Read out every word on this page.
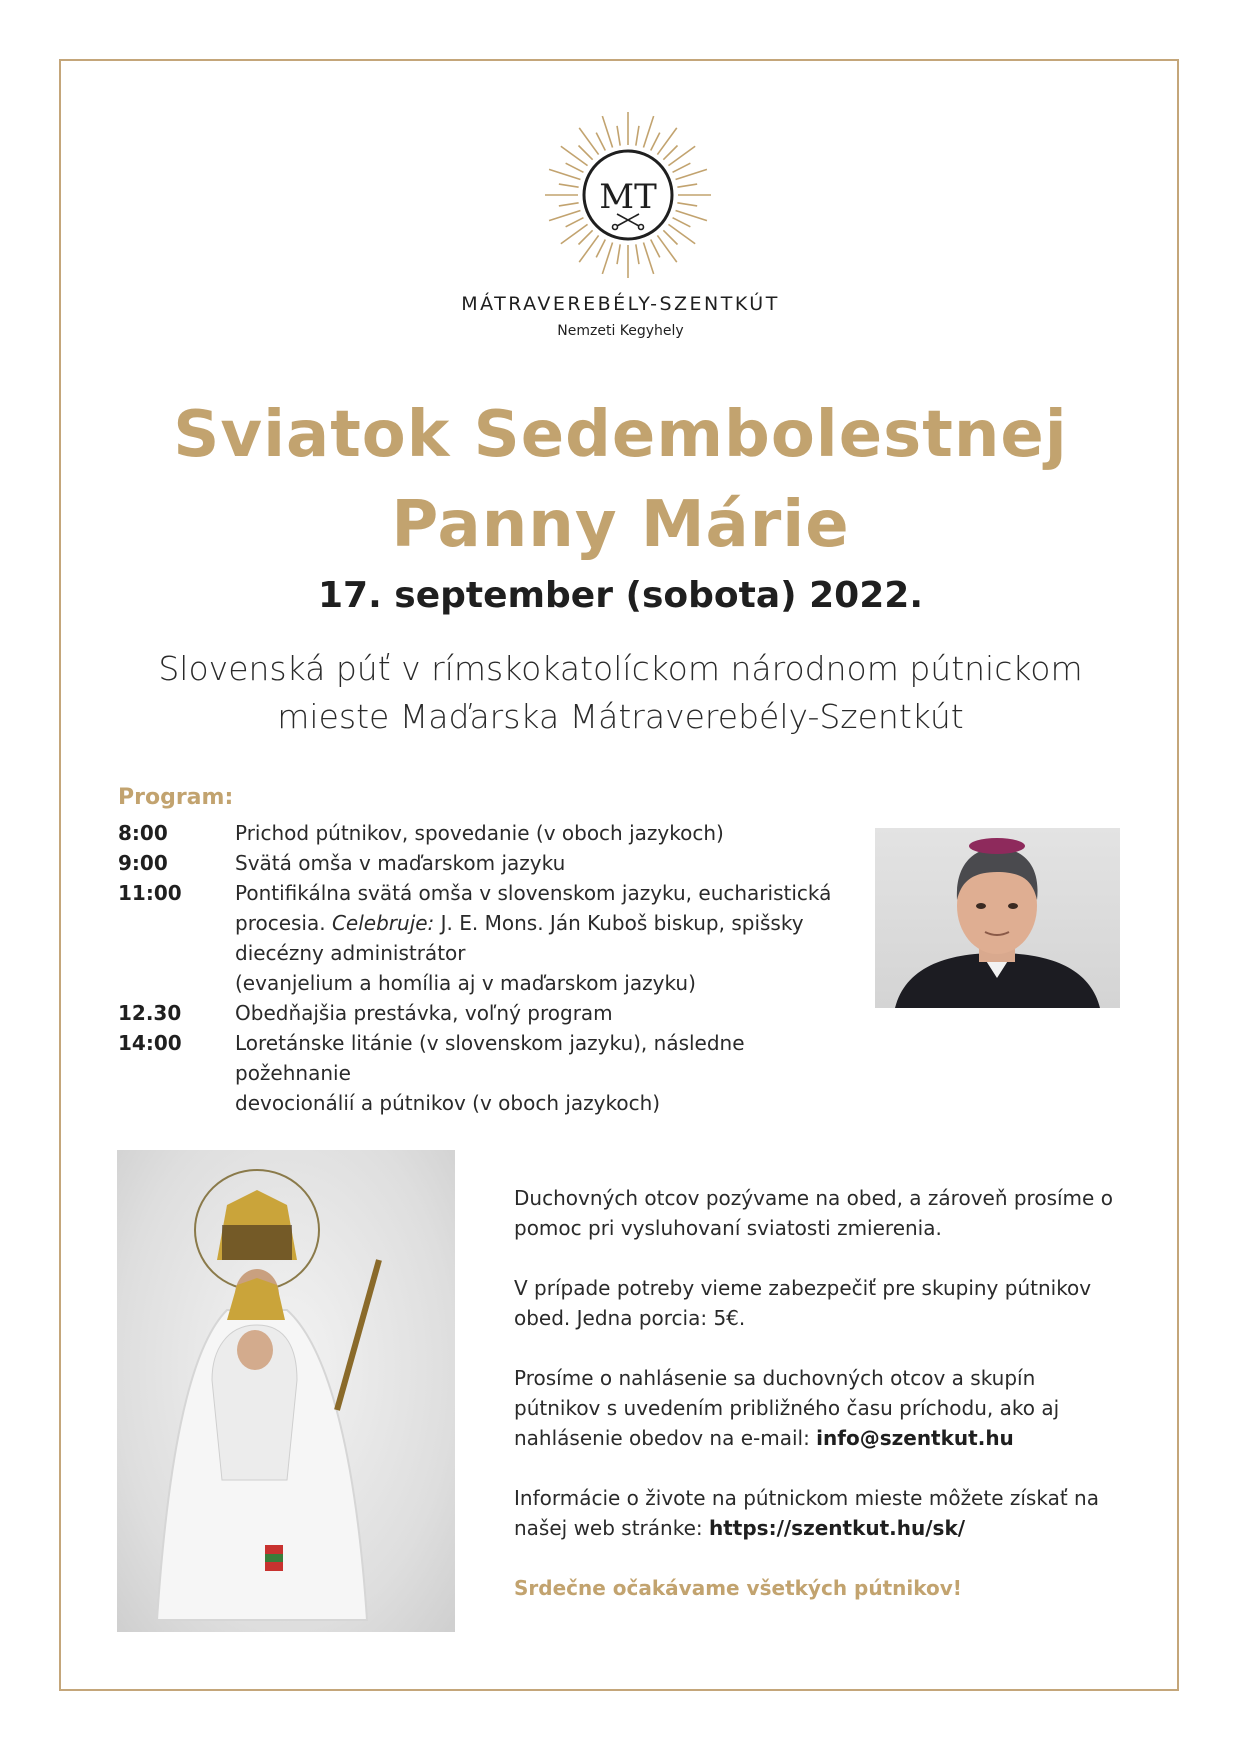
MT
MÁTRAVEREBÉLY-SZENTKÚT
Nemzeti Kegyhely
Sviatok Sedembolestnej
Panny Márie
17. september (sobota) 2022.
Slovenská púť v rímskokatolíckom národnom pútnickom
mieste Maďarska Mátraverebély-Szentkút
Program:
8:00	Prichod pútnikov, spovedanie (v oboch jazykoch)
9:00	Svätá omša v maďarskom jazyku
11:00	Pontifikálna svätá omša v slovenskom jazyku, eucharistická
procesia. Celebruje: J. E. Mons. Ján Kuboš biskup, spišsky
diecézny administrátor
(evanjelium a homília aj v maďarskom jazyku)
12.30	Obedňajšia prestávka, voľný program
14:00	Loretánske litánie (v slovenskom jazyku), následne požehnanie
devocionálií a pútnikov (v oboch jazykoch)

Duchovných otcov pozývame na obed, a zároveň prosíme o pomoc pri vysluhovaní sviatosti zmierenia.

V prípade potreby vieme zabezpečiť pre skupiny pútnikov obed. Jedna porcia: 5€.

Prosíme o nahlásenie sa duchovných otcov a skupín pútnikov s uvedením približného času príchodu, ako aj nahlásenie obedov na e-mail: info@szentkut.hu

Informácie o živote na pútnickom mieste môžete získať na našej web stránke: https://szentkut.hu/sk/

Srdečne očakávame všetkých pútnikov!
